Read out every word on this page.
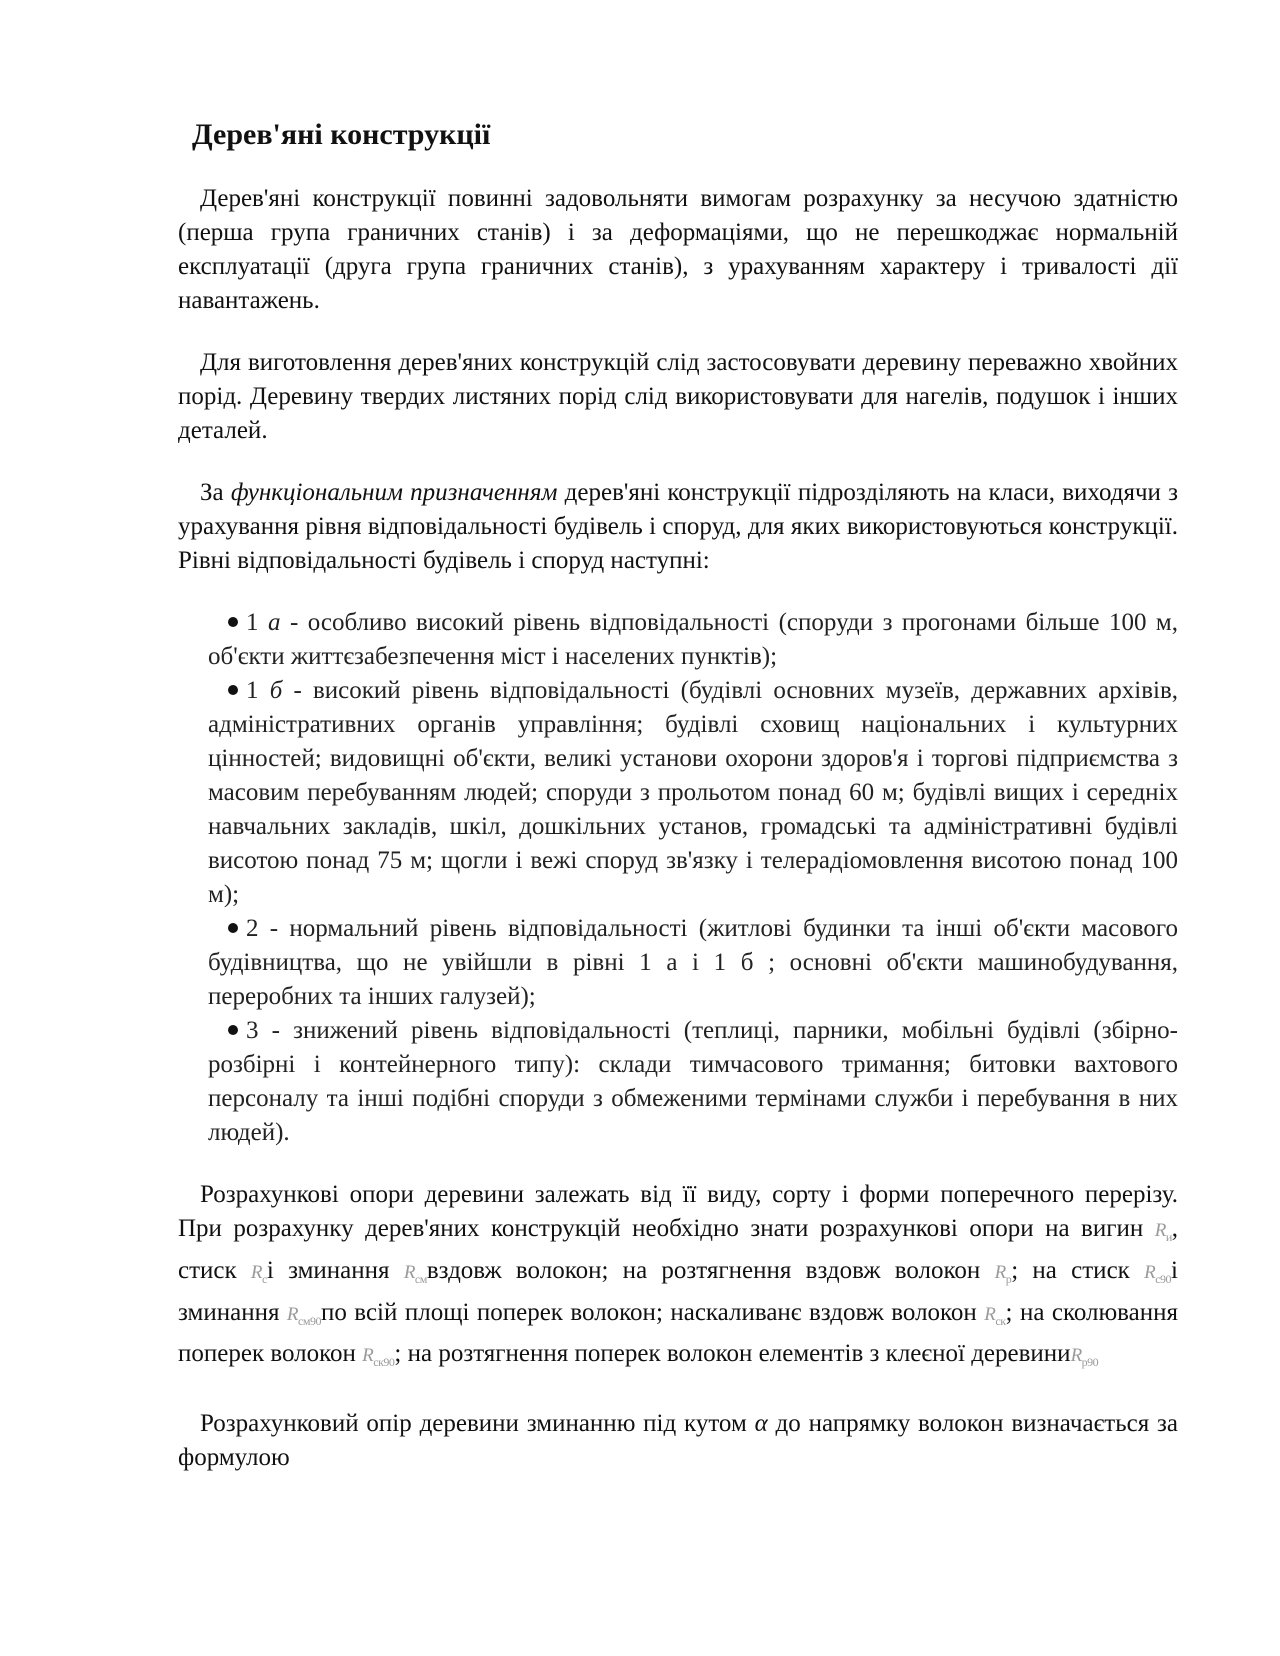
Дерев'яні конструкції

Дерев'яні конструкції повинні задовольняти вимогам розрахунку за несучою здатністю (перша група граничних станів) і за деформаціями, що не перешкоджає нормальній експлуатації (друга група граничних станів), з урахуванням характеру і тривалості дії навантажень.

Для виготовлення дерев'яних конструкцій слід застосовувати деревину переважно хвойних порід. Деревину твердих листяних порід слід використовувати для нагелів, подушок і інших деталей.

За функціональним призначенням дерев'яні конструкції підрозділяють на класи, виходячи з урахування рівня відповідальності будівель і споруд, для яких використовуються конструкції. Рівні відповідальності будівель і споруд наступні:

1 а - особливо високий рівень відповідальності (споруди з прогонами більше 100 м, об'єкти життєзабезпечення міст і населених пунктів);
1 б - високий рівень відповідальності (будівлі основних музеїв, державних архівів, адміністративних органів управління; будівлі сховищ національних і культурних цінностей; видовищні об'єкти, великі установи охорони здоров'я і торгові підприємства з масовим перебуванням людей; споруди з прольотом понад 60 м; будівлі вищих і середніх навчальних закладів, шкіл, дошкільних установ, громадські та адміністративні будівлі висотою понад 75 м; щогли і вежі споруд зв'язку і телерадіомовлення висотою понад 100 м);
2 - нормальний рівень відповідальності (житлові будинки та інші об'єкти масового будівництва, що не увійшли в рівні 1 а і 1 б ; основні об'єкти машинобудування, переробних та інших галузей);
3 - знижений рівень відповідальності (теплиці, парники, мобільні будівлі (збірно-розбірні і контейнерного типу): склади тимчасового тримання; битовки вахтового персоналу та інші подібні споруди з обмеженими термінами служби і перебування в них людей).

Розрахункові опори деревини залежать від її виду, сорту і форми поперечного перерізу. При розрахунку дерев'яних конструкцій необхідно знати розрахункові опори на вигин $R_и$, стиск $R_сі$ зминання $R_{см}вздовж$ волокон; на розтягнення вздовж волокон $R_р$; на стиск $R_{с90}і$ зминання $R_{см90}по$ всій площі поперек волокон; наскаливанє вздовж волокон $R_{ск}$; на сколювання поперек волокон $R_{ск90}$; на розтягнення поперек волокон елементів з клеєної деревиниR$_{р90}$

Розрахунковий опір деревини зминанню під кутом α до напрямку волокон визначається за формулою
